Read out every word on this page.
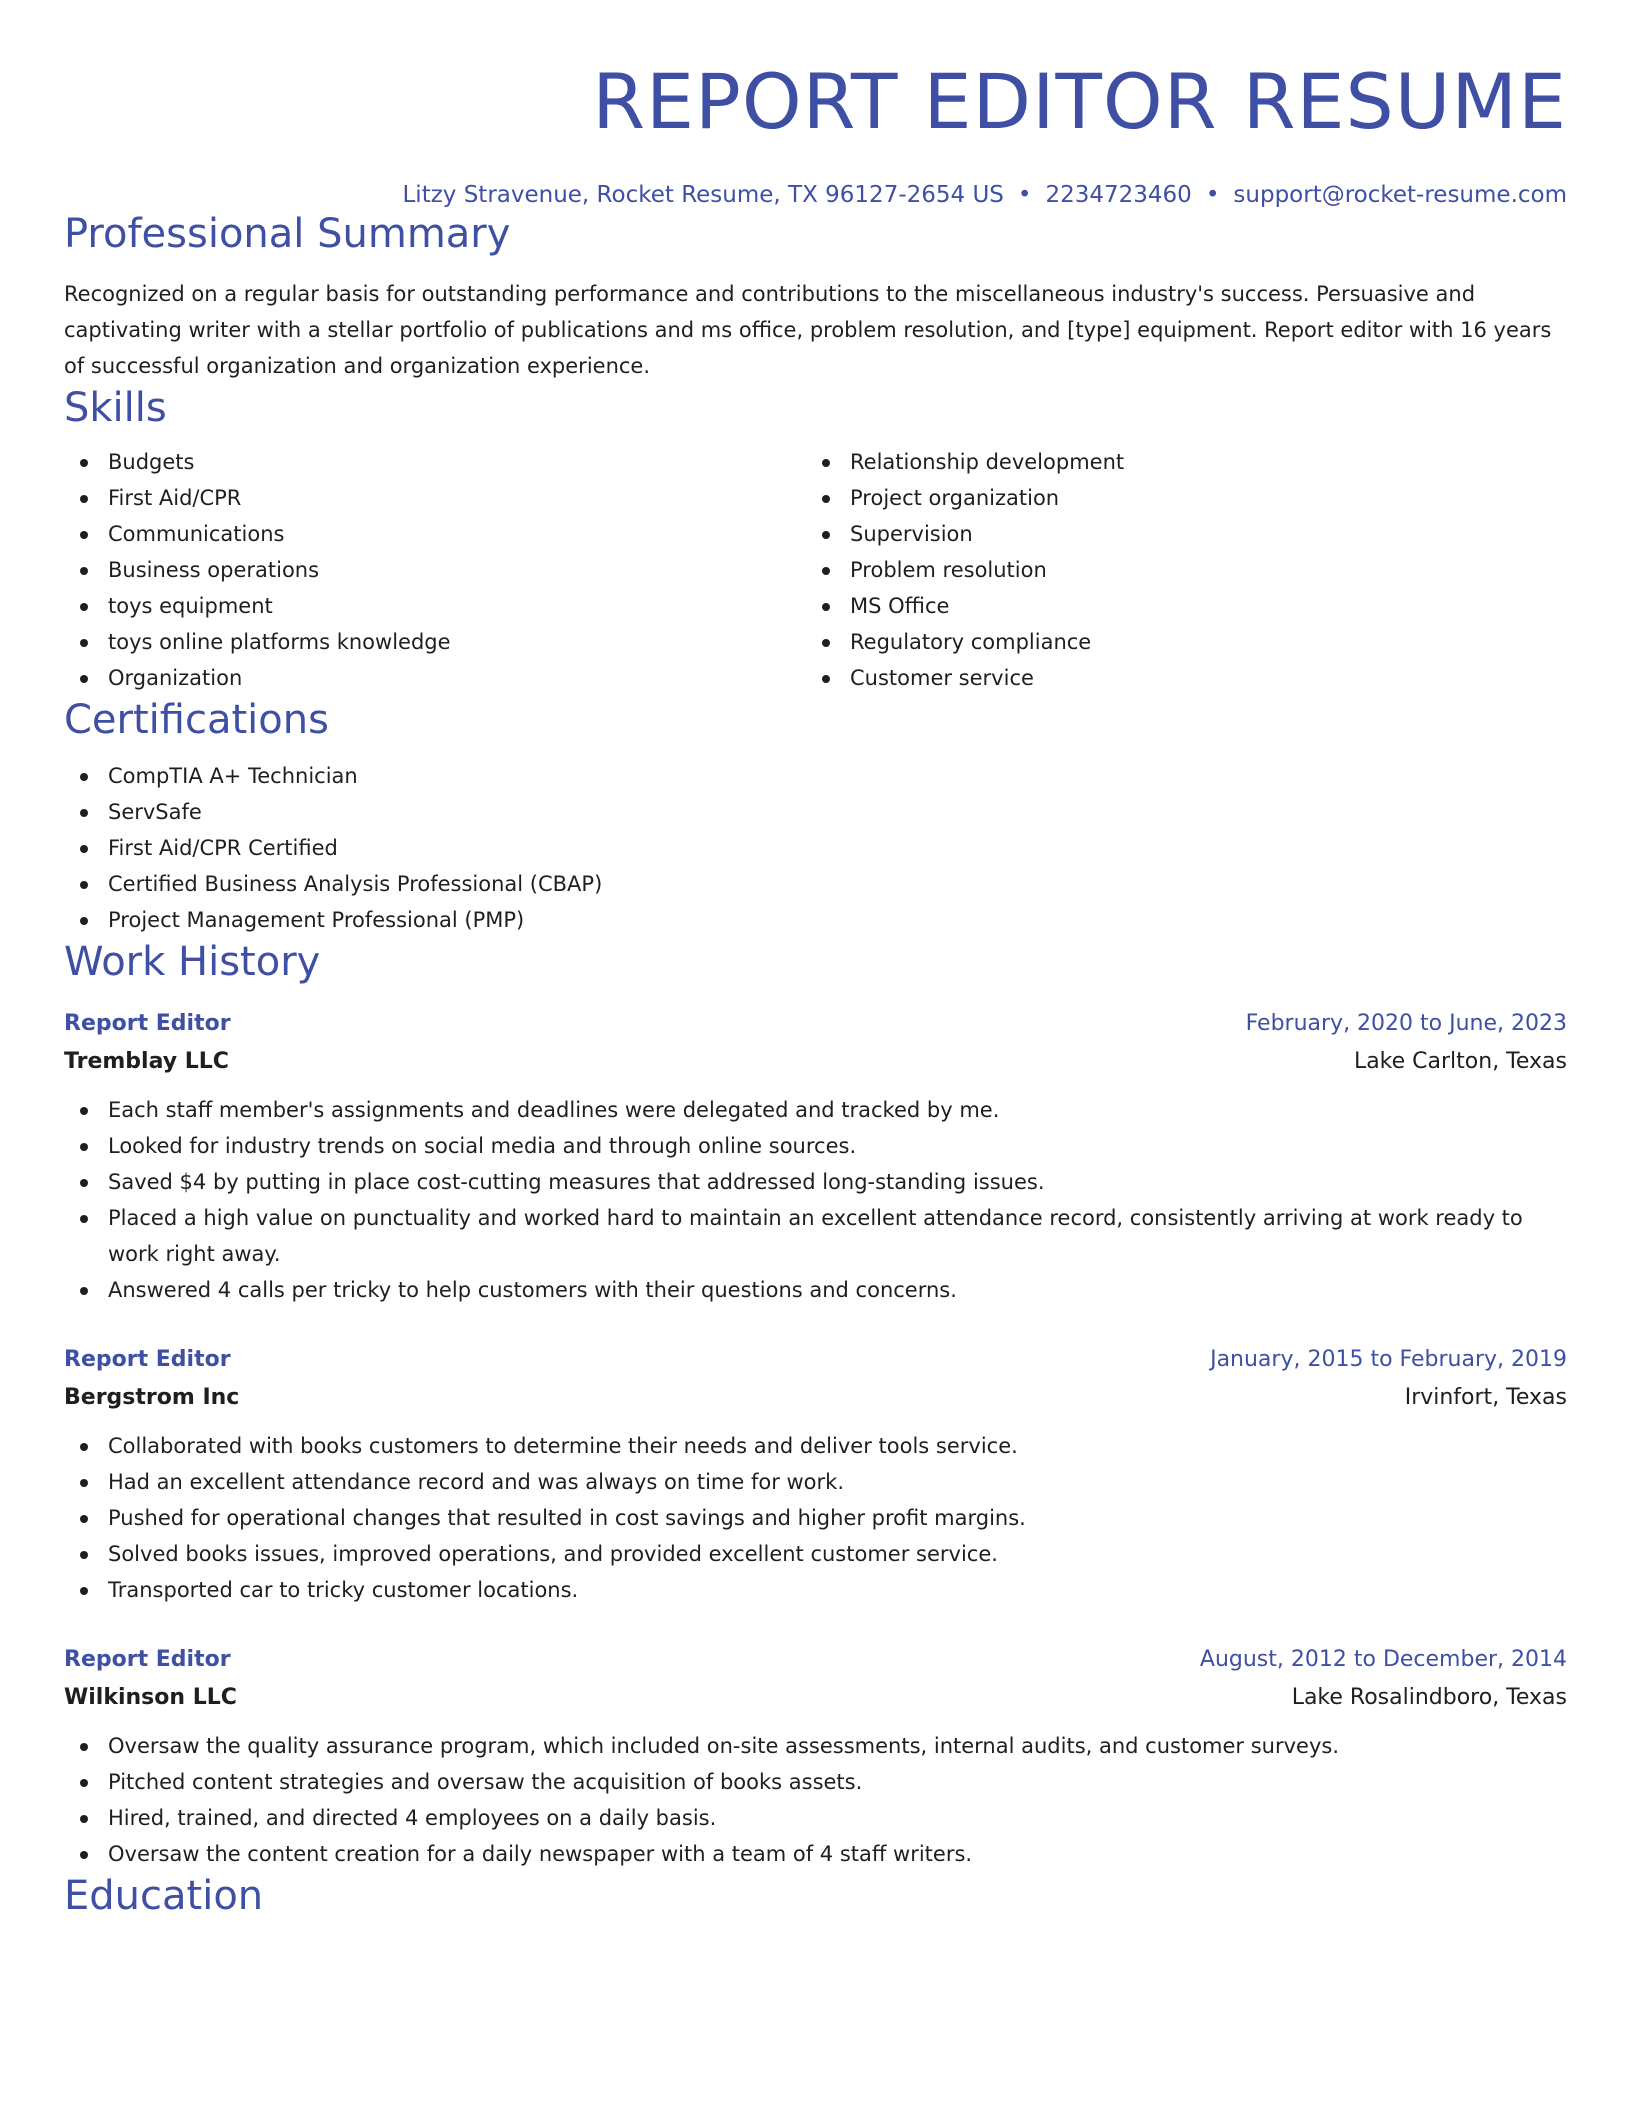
REPORT EDITOR RESUME
Litzy Stravenue, Rocket Resume, TX 96127-2654 US • 2234723460 • support@rocket-resume.com
Professional Summary

Recognized on a regular basis for outstanding performance and contributions to the miscellaneous industry's success. Persuasive and captivating writer with a stellar portfolio of publications and ms office, problem resolution, and [type] equipment. Report editor with 16 years of successful organization and organization experience.

Skills
Budgets
First Aid/CPR
Communications
Business operations
toys equipment
toys online platforms knowledge
Organization
Relationship development
Project organization
Supervision
Problem resolution
MS Office
Regulatory compliance
Customer service
Certifications
CompTIA A+ Technician
ServSafe
First Aid/CPR Certified
Certified Business Analysis Professional (CBAP)
Project Management Professional (PMP)
Work History
Report Editor	February, 2020 to June, 2023
Tremblay LLC	Lake Carlton, Texas
Each staff member's assignments and deadlines were delegated and tracked by me.
Looked for industry trends on social media and through online sources.
Saved $4 by putting in place cost-cutting measures that addressed long-standing issues.
Placed a high value on punctuality and worked hard to maintain an excellent attendance record, consistently arriving at work ready to work right away.
Answered 4 calls per tricky to help customers with their questions and concerns.
Report Editor	January, 2015 to February, 2019
Bergstrom Inc	Irvinfort, Texas
Collaborated with books customers to determine their needs and deliver tools service.
Had an excellent attendance record and was always on time for work.
Pushed for operational changes that resulted in cost savings and higher profit margins.
Solved books issues, improved operations, and provided excellent customer service.
Transported car to tricky customer locations.
Report Editor	August, 2012 to December, 2014
Wilkinson LLC	Lake Rosalindboro, Texas
Oversaw the quality assurance program, which included on-site assessments, internal audits, and customer surveys.
Pitched content strategies and oversaw the acquisition of books assets.
Hired, trained, and directed 4 employees on a daily basis.
Oversaw the content creation for a daily newspaper with a team of 4 staff writers.
Education
